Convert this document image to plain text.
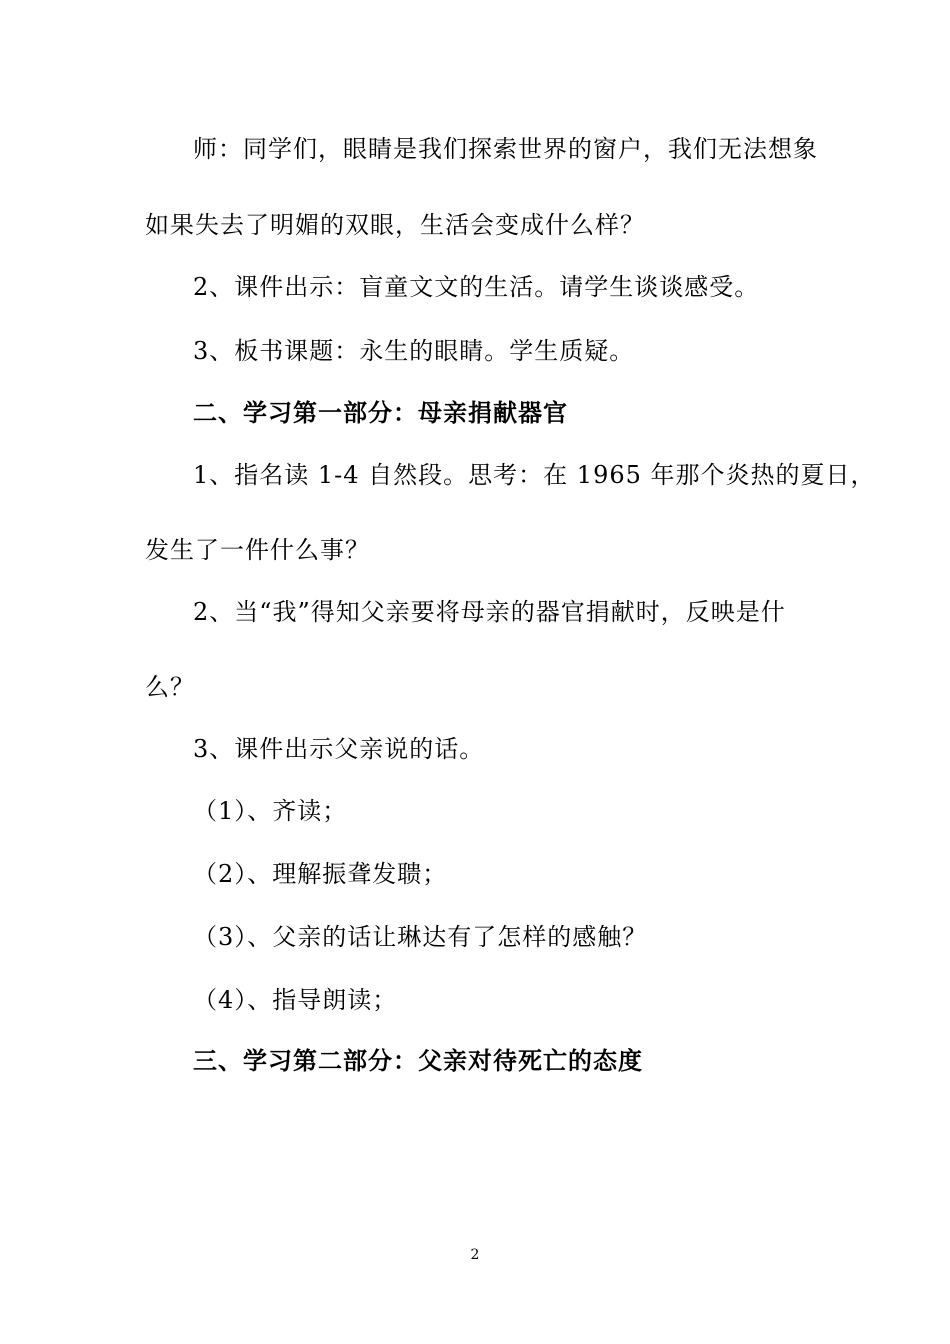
师：同学们，眼睛是我们探索世界的窗户，我们无法想象
如果失去了明媚的双眼，生活会变成什么样？
2、课件出示：盲童文文的生活。请学生谈谈感受。
3、板书课题：永生的眼睛。学生质疑。
二、学习第一部分：母亲捐献器官
1、指名读 1-4 自然段。思考：在 1965 年那个炎热的夏日，
发生了一件什么事？
2、当“我”得知父亲要将母亲的器官捐献时，反映是什
么？
3、课件出示父亲说的话。
（1）、齐读；
（2）、理解振聋发聩；
（3）、父亲的话让琳达有了怎样的感触？
（4）、指导朗读；
三、学习第二部分：父亲对待死亡的态度
2
